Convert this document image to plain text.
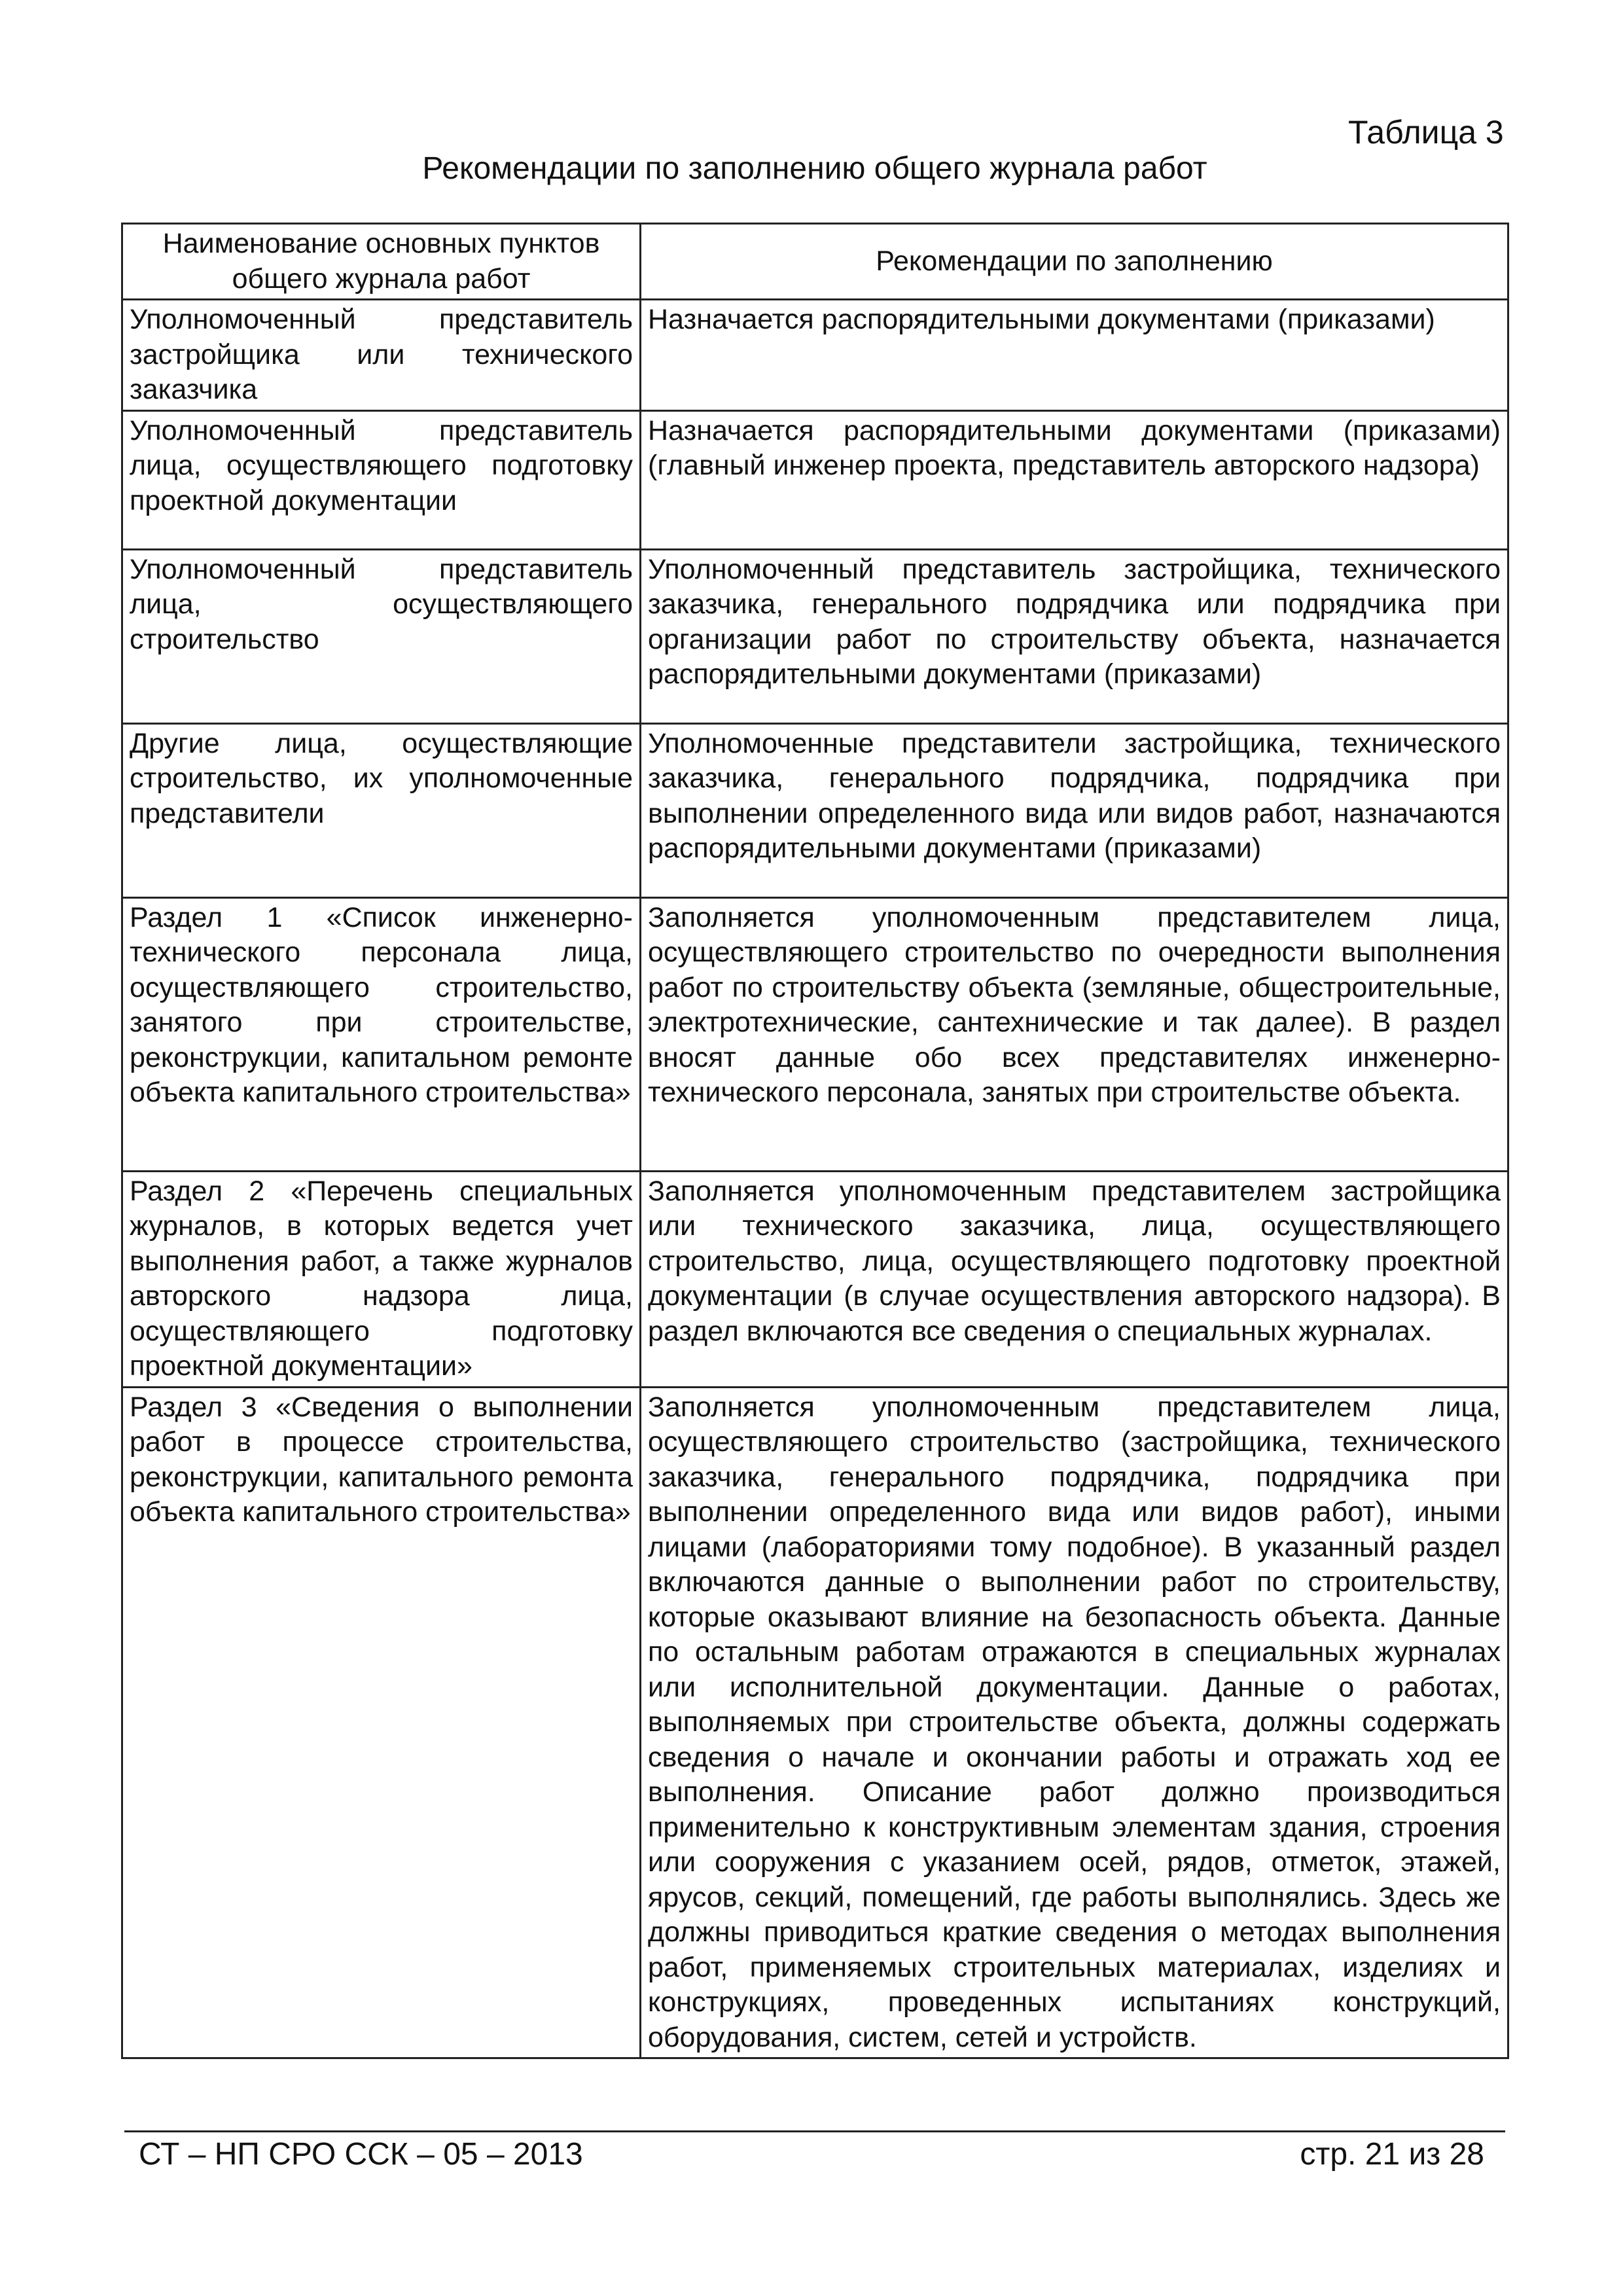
Таблица 3
Рекомендации по заполнению общего журнала работ
Наименование основных пунктов общего журнала работ	Рекомендации по заполнению
Уполномоченный представитель застройщика или технического заказчика	Назначается распорядительными документами (приказами)
Уполномоченный представитель лица, осуществляющего подготовку проектной документации	Назначается распорядительными документами (приказами) (главный инженер проекта, представитель авторского надзора)
Уполномоченный представитель лица, осуществляющего строительство	Уполномоченный представитель застройщика, технического заказчика, генерального подрядчика или подрядчика при организации работ по строительству объекта, назначается распорядительными документами (приказами)
Другие лица, осуществляющие строительство, их уполномоченные представители	Уполномоченные представители застройщика, технического заказчика, генерального подрядчика, подрядчика при выполнении определенного вида или видов работ, назначаются распорядительными документами (приказами)
Раздел 1 «Список инженерно-технического персонала лица, осуществляющего строительство, занятого при строительстве, реконструкции, капитальном ремонте объекта капитального строительства»	Заполняется уполномоченным представителем лица, осуществляющего строительство по очередности выполнения работ по строительству объекта (земляные, общестроительные, электротехнические, сантехнические и так далее). В раздел вносят данные обо всех представителях инженерно-технического персонала, занятых при строительстве объекта.
Раздел 2 «Перечень специальных журналов, в которых ведется учет выполнения работ, а также журналов авторского надзора лица, осуществляющего подготовку проектной документации»	Заполняется уполномоченным представителем застройщика или технического заказчика, лица, осуществляющего строительство, лица, осуществляющего подготовку проектной документации (в случае осуществления авторского надзора). В раздел включаются все сведения о специальных журналах.
Раздел 3 «Сведения о выполнении работ в процессе строительства, реконструкции, капитального ремонта объекта капитального строительства»	Заполняется уполномоченным представителем лица, осуществляющего строительство (застройщика, технического заказчика, генерального подрядчика, подрядчика при выполнении определенного вида или видов работ), иными лицами (лабораториями тому подобное). В указанный раздел включаются данные о выполнении работ по строительству, которые оказывают влияние на безопасность объекта. Данные по остальным работам отражаются в специальных журналах или исполнительной документации. Данные о работах, выполняемых при строительстве объекта, должны содержать сведения о начале и окончании работы и отражать ход ее выполнения. Описание работ должно производиться применительно к конструктивным элементам здания, строения или сооружения с указанием осей, рядов, отметок, этажей, ярусов, секций, помещений, где работы выполнялись. Здесь же должны приводиться краткие сведения о методах выполнения работ, применяемых строительных материалах, изделиях и конструкциях, проведенных испытаниях конструкций, оборудования, систем, сетей и устройств.
СТ – НП СРО ССК – 05 – 2013	стр. 21 из 28
